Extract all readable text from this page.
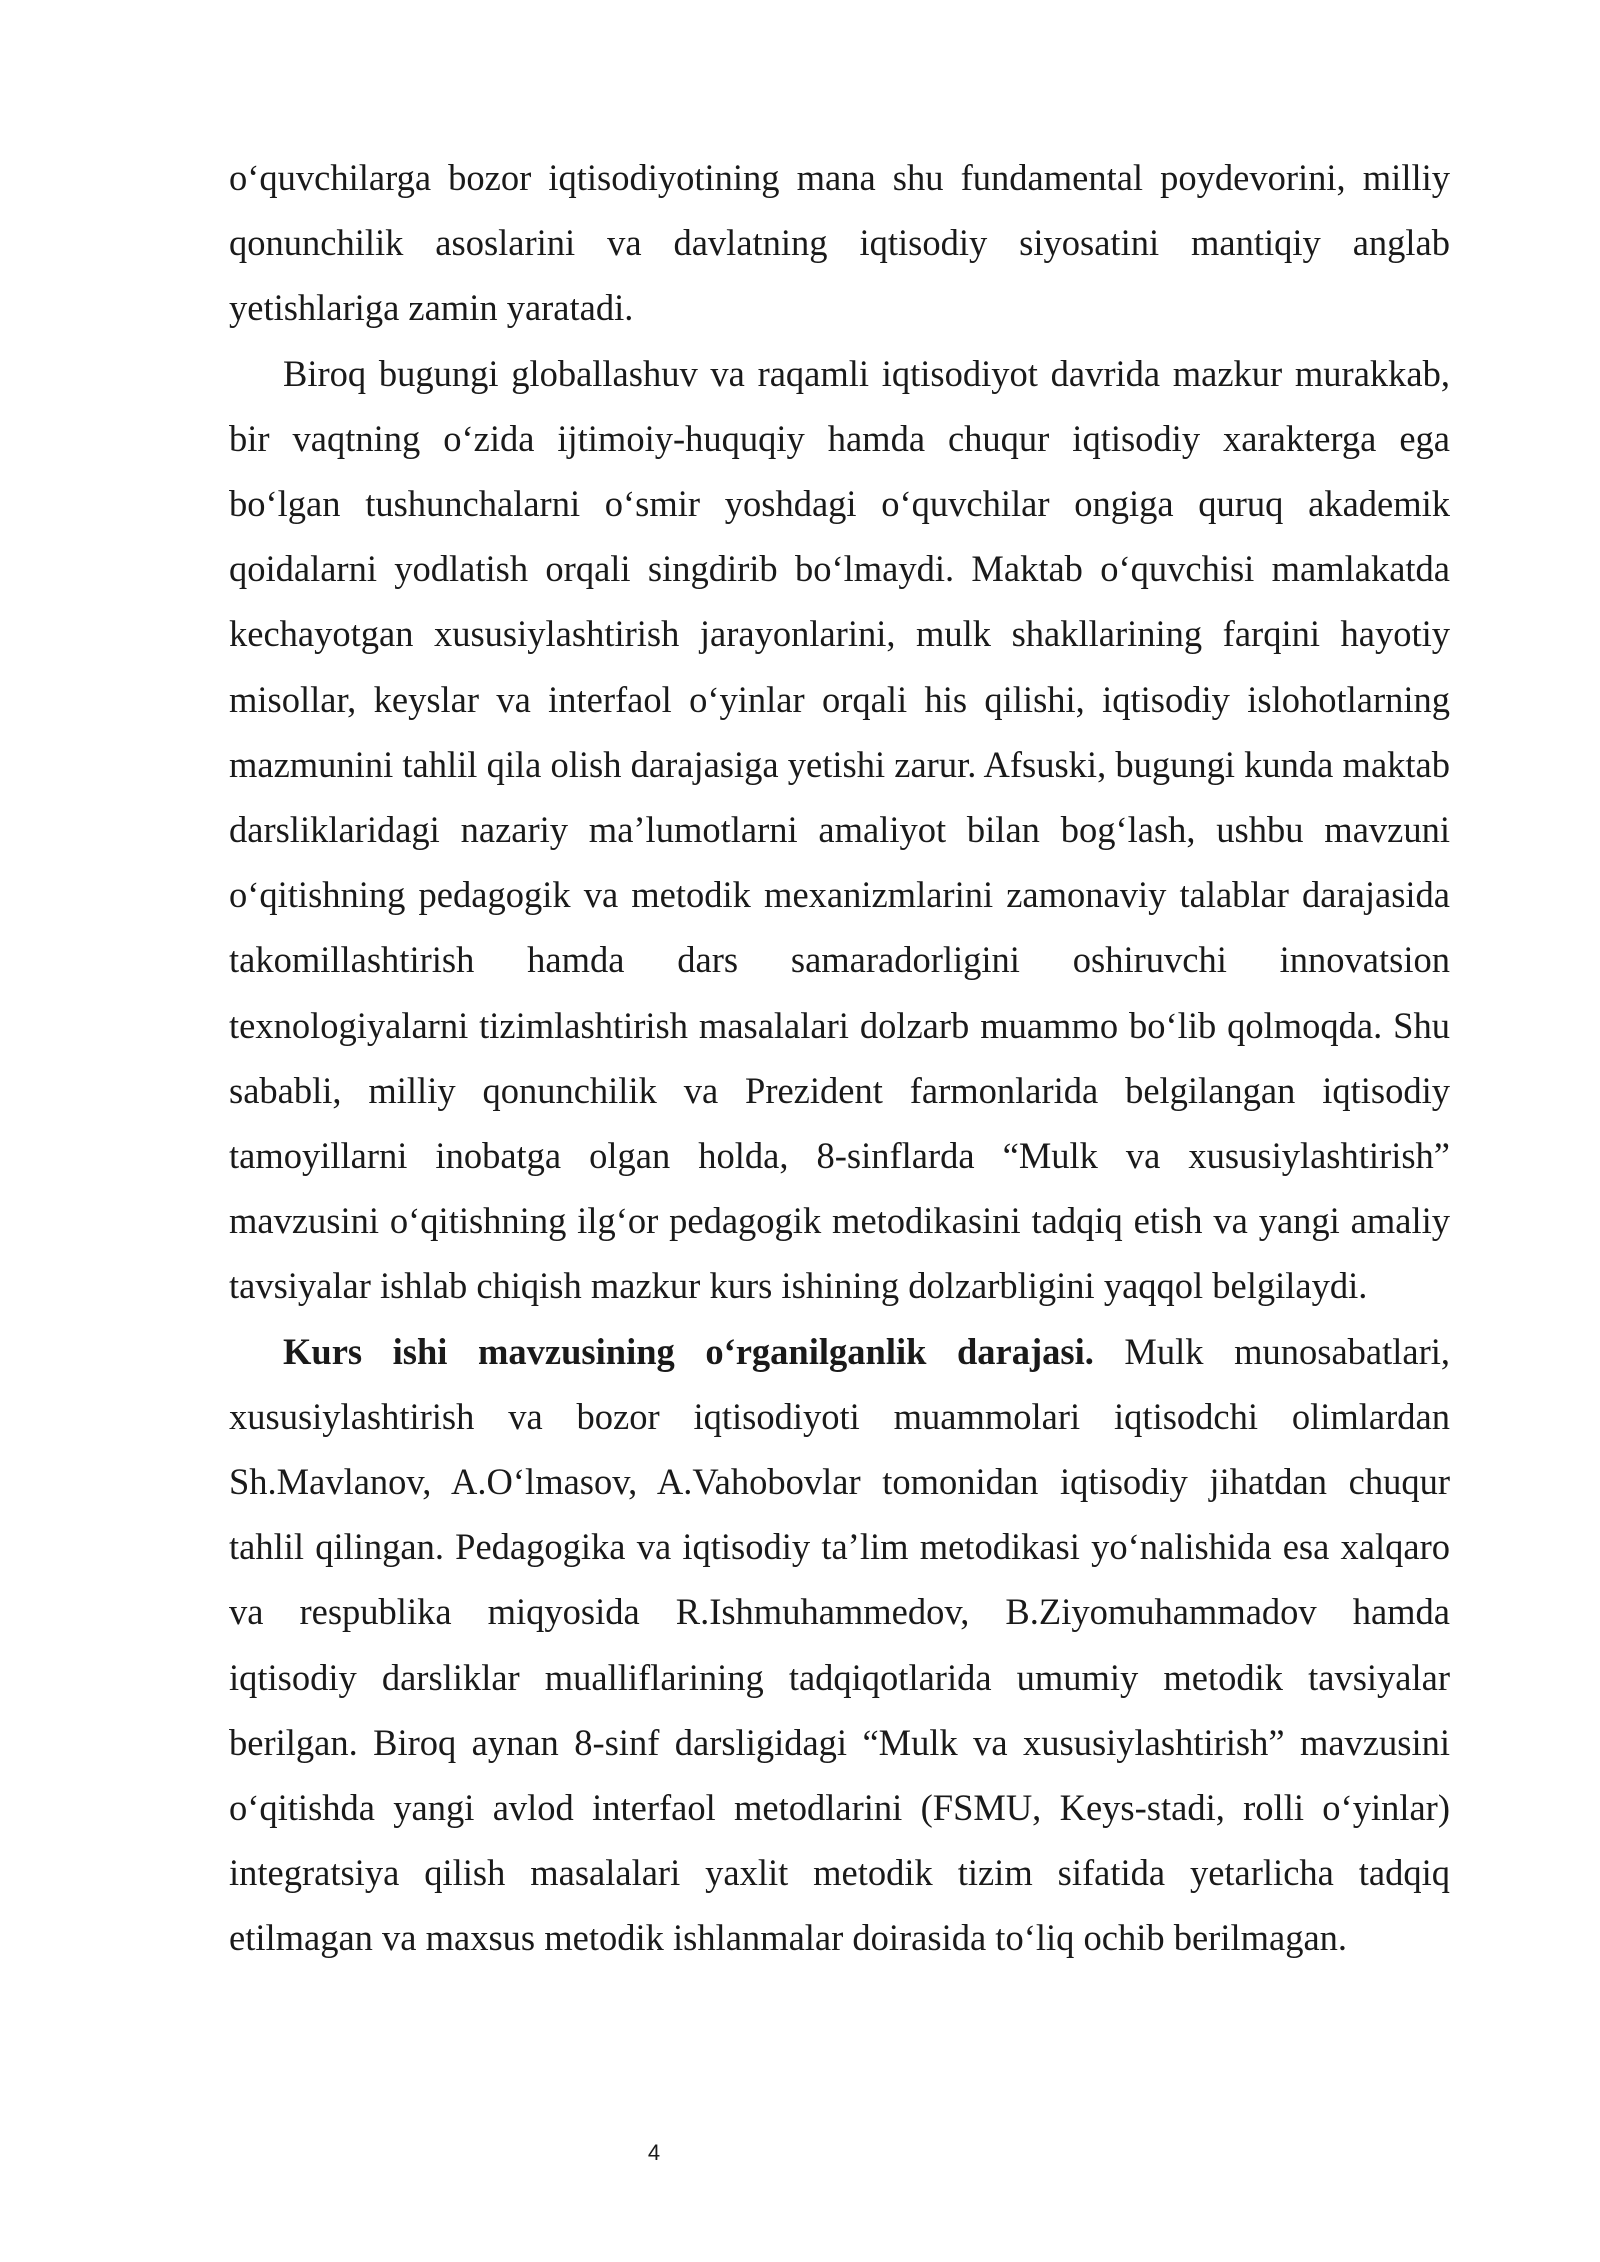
o‘quvchilarga bozor iqtisodiyotining mana shu fundamental poydevorini, milliy qonunchilik asoslarini va davlatning iqtisodiy siyosatini mantiqiy anglab yetishlariga zamin yaratadi.

Biroq bugungi globallashuv va raqamli iqtisodiyot davrida mazkur murakkab, bir vaqtning o‘zida ijtimoiy-huquqiy hamda chuqur iqtisodiy xarakterga ega bo‘lgan tushunchalarni o‘smir yoshdagi o‘quvchilar ongiga quruq akademik qoidalarni yodlatish orqali singdirib bo‘lmaydi. Maktab o‘quvchisi mamlakatda kechayotgan xususiylashtirish jarayonlarini, mulk shakllarining farqini hayotiy misollar, keyslar va interfaol o‘yinlar orqali his qilishi, iqtisodiy islohotlarning mazmunini tahlil qila olish darajasiga yetishi zarur. Afsuski, bugungi kunda maktab darsliklaridagi nazariy ma’lumotlarni amaliyot bilan bog‘lash, ushbu mavzuni o‘qitishning pedagogik va metodik mexanizmlarini zamonaviy talablar darajasida takomillashtirish hamda dars samaradorligini oshiruvchi innovatsion texnologiyalarni tizimlashtirish masalalari dolzarb muammo bo‘lib qolmoqda. Shu sababli, milliy qonunchilik va Prezident farmonlarida belgilangan iqtisodiy tamoyillarni inobatga olgan holda, 8-sinflarda “Mulk va xususiylashtirish” mavzusini o‘qitishning ilg‘or pedagogik metodikasini tadqiq etish va yangi amaliy tavsiyalar ishlab chiqish mazkur kurs ishining dolzarbligini yaqqol belgilaydi.

Kurs ishi mavzusining o‘rganilganlik darajasi. Mulk munosabatlari, xususiylashtirish va bozor iqtisodiyoti muammolari iqtisodchi olimlardan Sh.Mavlanov, A.O‘lmasov, A.Vahobovlar tomonidan iqtisodiy jihatdan chuqur tahlil qilingan. Pedagogika va iqtisodiy ta’lim metodikasi yo‘nalishida esa xalqaro va respublika miqyosida R.Ishmuhammedov, B.Ziyomuhammadov hamda iqtisodiy darsliklar mualliflarining tadqiqotlarida umumiy metodik tavsiyalar berilgan. Biroq aynan 8-sinf darsligidagi “Mulk va xususiylashtirish” mavzusini o‘qitishda yangi avlod interfaol metodlarini (FSMU, Keys-stadi, rolli o‘yinlar) integratsiya qilish masalalari yaxlit metodik tizim sifatida yetarlicha tadqiq etilmagan va maxsus metodik ishlanmalar doirasida to‘liq ochib berilmagan.

4
